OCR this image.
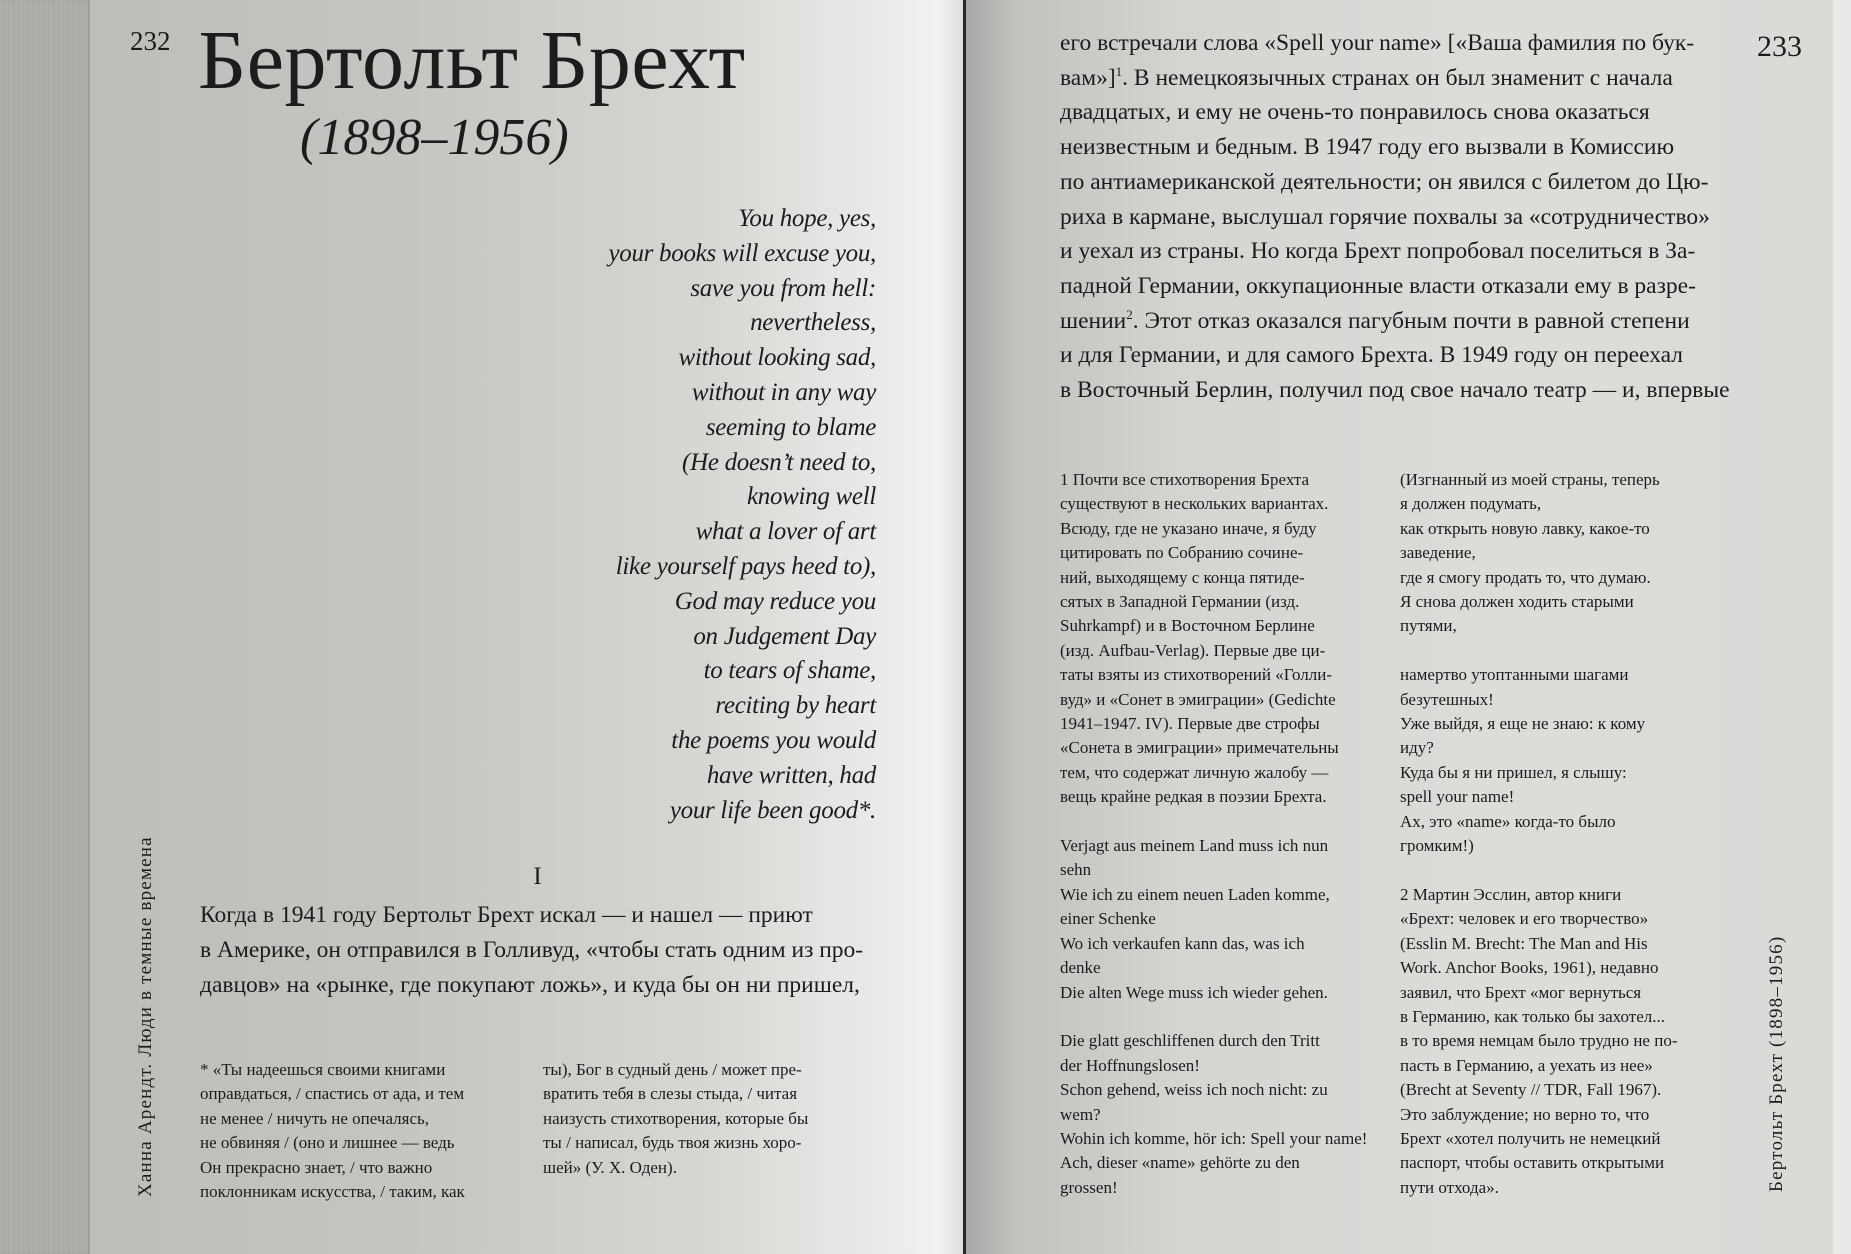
232 Бертольт Брехт
(1898–1956)
You hope, yes,
your books will excuse you,
save you from hell:
nevertheless,
without looking sad,
without in any way
seeming to blame
(He doesn’t need to,
knowing well
what a lover of art
like yourself pays heed to),
God may reduce you
on Judgement Day
to tears of shame,
reciting by heart
the poems you would
have written, had
your life been good*.
I
Когда в 1941 году Бертольт Брехт искал — и нашел — приют
в Америке, он отправился в Голливуд, «чтобы стать одним из про-
давцов» на «рынке, где покупают ложь», и куда бы он ни пришел,
* «Ты надеешься своими книгами
оправдаться, / спастись от ада, и тем
не менее / ничуть не опечалясь,
не обвиняя / (оно и лишнее — ведь
Он прекрасно знает, / что важно
поклонникам искусства, / таким, как
ты), Бог в судный день / может пре-
вратить тебя в слезы стыда, / читая
наизусть стихотворения, которые бы
ты / написал, будь твоя жизнь хоро-
шей» (У. Х. Оден).
Ханна Арендт. Люди в темные времена
233
его встречали слова «Spell your name» [«Ваша фамилия по бук-
вам»]$^1$. В немецкоязычных странах он был знаменит с начала
двадцатых, и ему не очень-то понравилось снова оказаться
неизвестным и бедным. В 1947 году его вызвали в Комиссию
по антиамериканской деятельности; он явился с билетом до Цю-
риха в кармане, выслушал горячие похвалы за «сотрудничество»
и уехал из страны. Но когда Брехт попробовал поселиться в За-
падной Германии, оккупационные власти отказали ему в разре-
шении$^2$. Этот отказ оказался пагубным почти в равной степени
и для Германии, и для самого Брехта. В 1949 году он переехал
в Восточный Берлин, получил под свое начало театр — и, впервые
1 Почти все стихотворения Брехта
существуют в нескольких вариантах.
Всюду, где не указано иначе, я буду
цитировать по Собранию сочине-
ний, выходящему с конца пятиде-
сятых в Западной Германии (изд.
Suhrkampf) и в Восточном Берлине
(изд. Aufbau-Verlag). Первые две ци-
таты взяты из стихотворений «Голли-
вуд» и «Сонет в эмиграции» (Gedichte
1941–1947. IV). Первые две строфы
«Сонета в эмиграции» примечательны
тем, что содержат личную жалобу —
вещь крайне редкая в поэзии Брехта.
Verjagt aus meinem Land muss ich nun
sehn
Wie ich zu einem neuen Laden komme,
einer Schenke
Wo ich verkaufen kann das, was ich
denke
Die alten Wege muss ich wieder gehen.
Die glatt geschliffenen durch den Tritt
der Hoffnungslosen!
Schon gehend, weiss ich noch nicht: zu
wem?
Wohin ich komme, hör ich: Spell your name!
Ach, dieser «name» gehörte zu den
grossen!
(Изгнанный из моей страны, теперь
я должен подумать,
как открыть новую лавку, какое-то
заведение,
где я смогу продать то, что думаю.
Я снова должен ходить старыми
путями,
намертво утоптанными шагами
безутешных!
Уже выйдя, я еще не знаю: к кому
иду?
Куда бы я ни пришел, я слышу:
spell your name!
Ах, это «name» когда-то было
громким!)
2 Мартин Эсслин, автор книги
«Брехт: человек и его творчество»
(Esslin M. Brecht: The Man and His
Work. Anchor Books, 1961), недавно
заявил, что Брехт «мог вернуться
в Германию, как только бы захотел...
в то время немцам было трудно не по-
пасть в Германию, а уехать из нее»
(Brecht at Seventy // TDR, Fall 1967).
Это заблуждение; но верно то, что
Брехт «хотел получить не немецкий
паспорт, чтобы оставить открытыми
пути отхода».	Бертольт Брехт (1898–1956)
